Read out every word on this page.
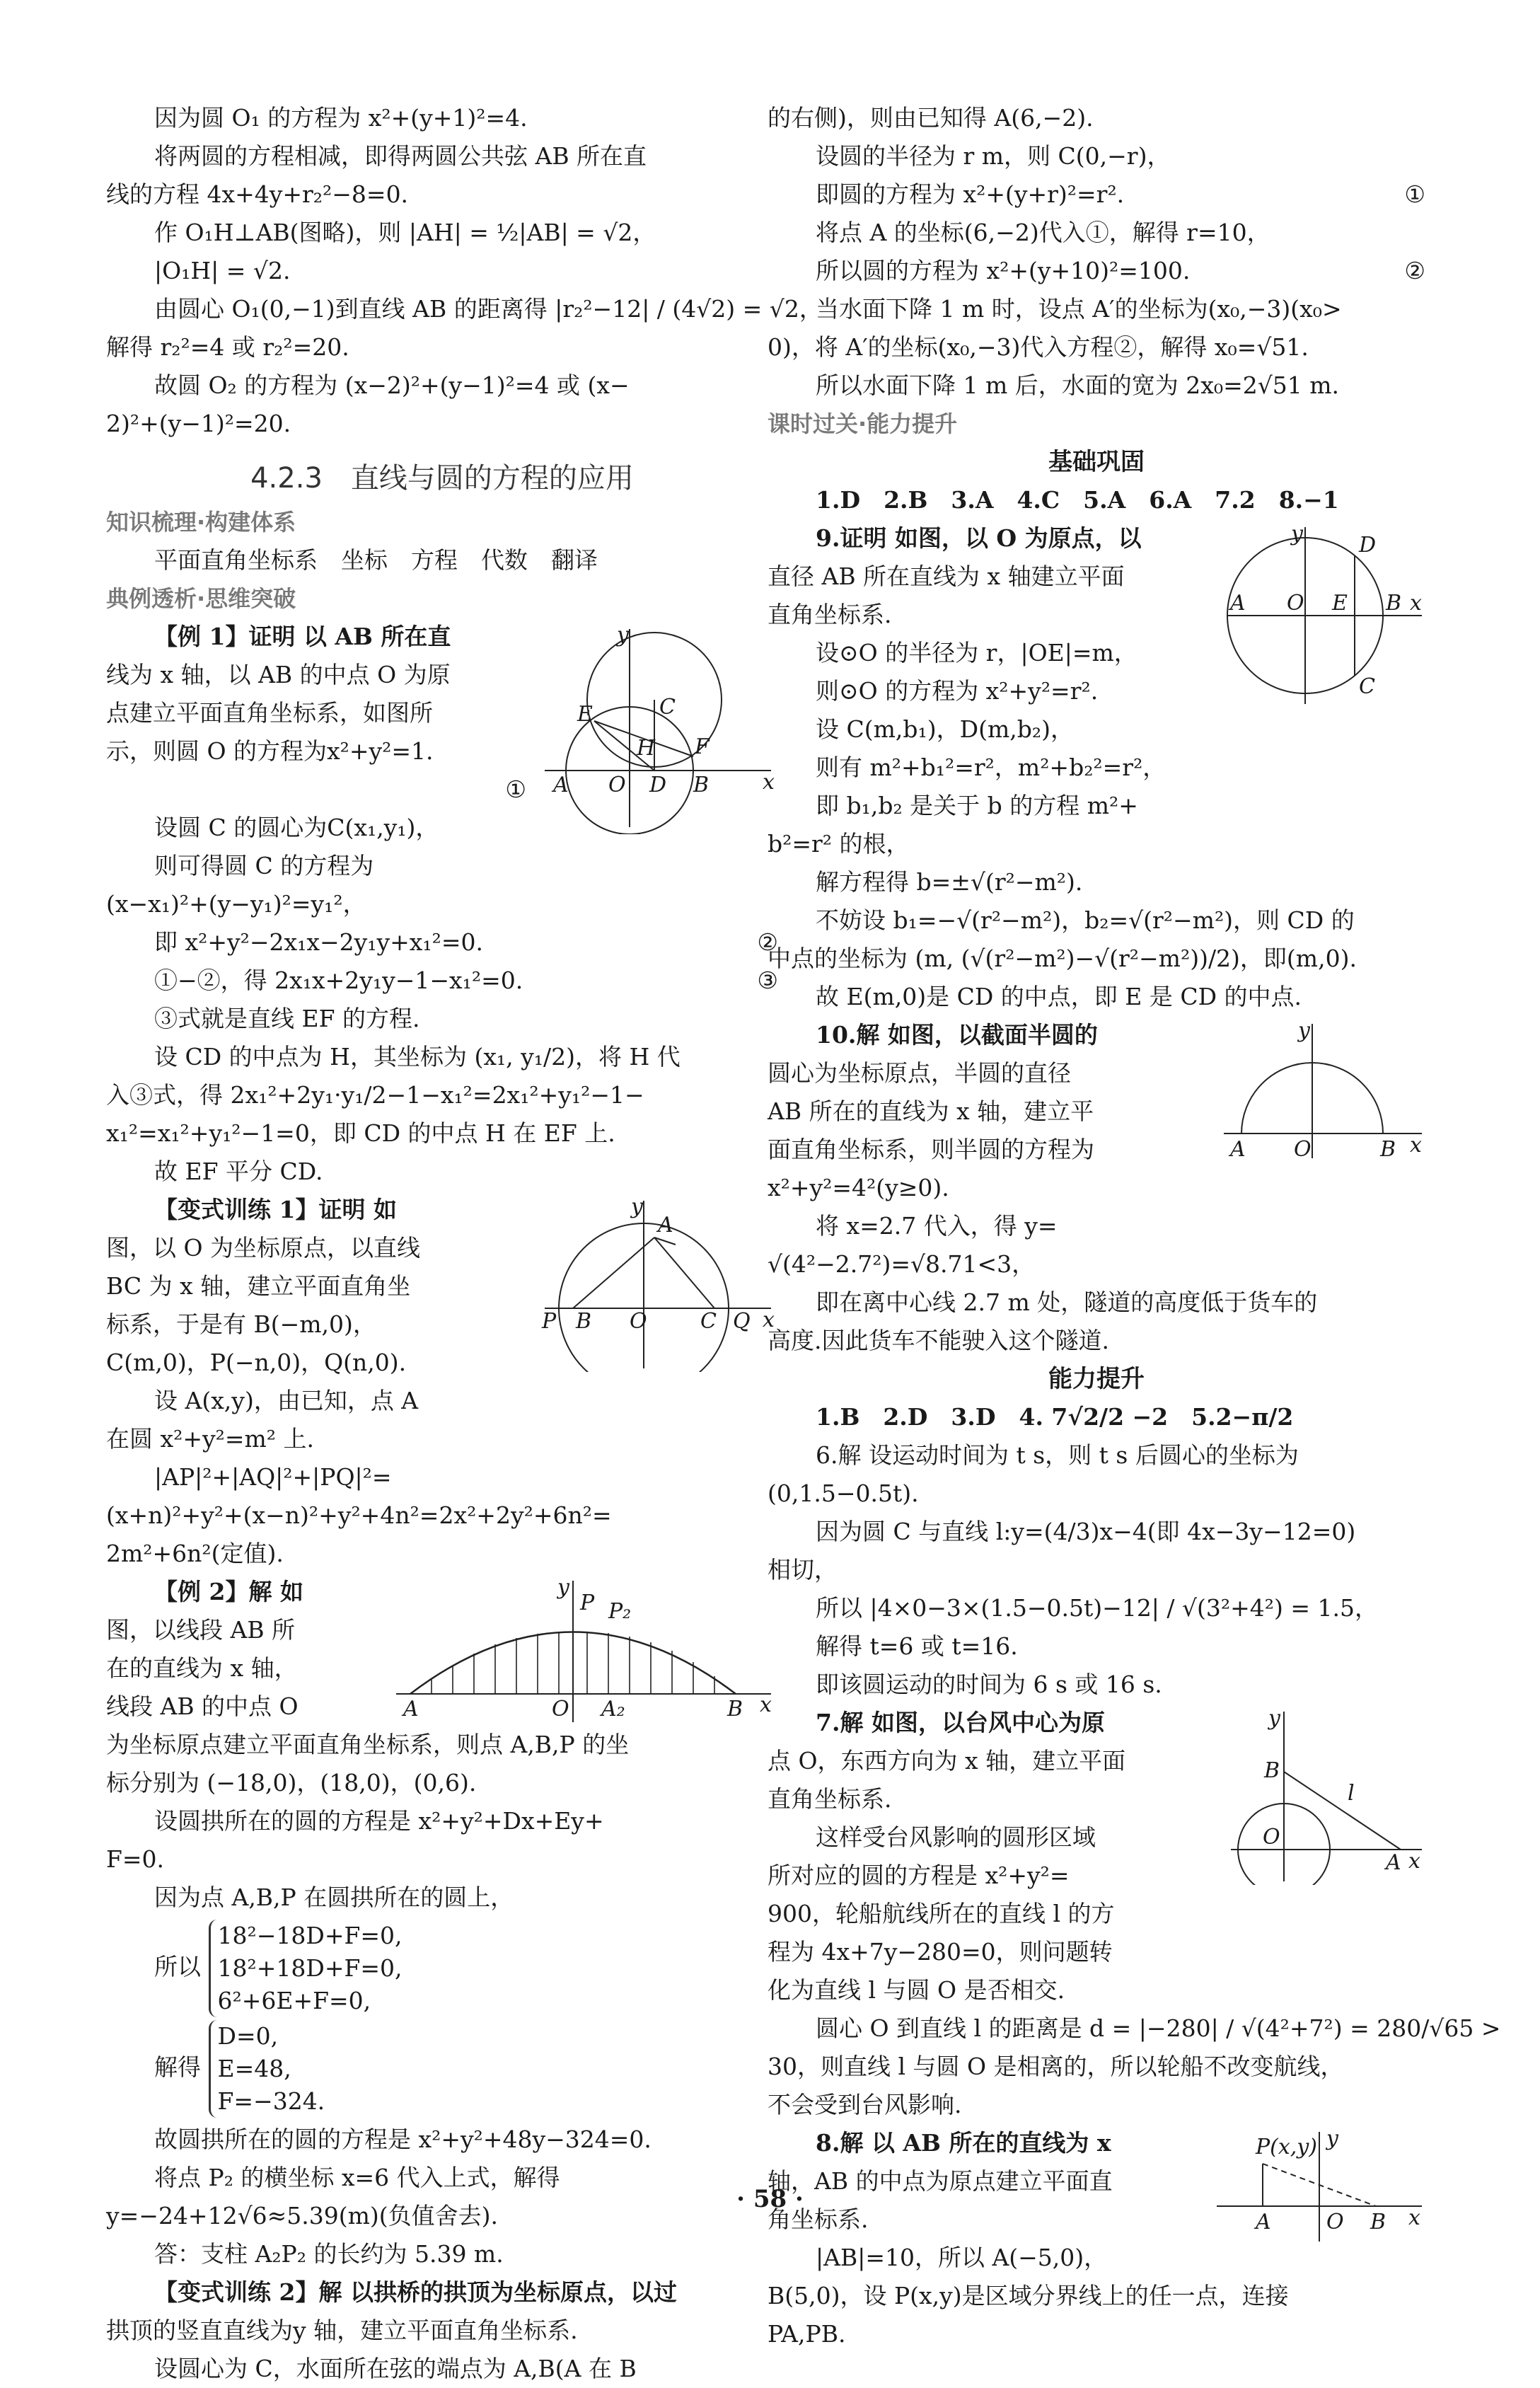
因为圆 O₁ 的方程为 x²+(y+1)²=4.
将两圆的方程相减，即得两圆公共弦 AB 所在直
线的方程 4x+4y+r₂²−8=0.
作 O₁H⊥AB(图略)，则 |AH| = ½|AB| = √2，
|O₁H| = √2.
由圆心 O₁(0,−1)到直线 AB 的距离得 |r₂²−12| / (4√2) = √2，
解得 r₂²=4 或 r₂²=20.
故圆 O₂ 的方程为 (x−2)²+(y−1)²=4 或 (x−
2)²+(y−1)²=20.
4.2.3　直线与圆的方程的应用
知识梳理·构建体系
平面直角坐标系　坐标　方程　代数　翻译
典例透析·思维突破
y
x
E	C
H F
A O D B
【例 1】证明 以 AB 所在直
线为 x 轴，以 AB 的中点 O 为原
点建立平面直角坐标系，如图所
示，则圆 O 的方程为x²+y²=1.
①

设圆 C 的圆心为C(x₁,y₁)，
则可得圆 C 的方程为
(x−x₁)²+(y−y₁)²=y₁²，
即 x²+y²−2x₁x−2y₁y+x₁²=0.	②
①−②，得 2x₁x+2y₁y−1−x₁²=0.	③
③式就是直线 EF 的方程.
设 CD 的中点为 H，其坐标为 (x₁, y₁/2)，将 H 代
入③式，得 2x₁²+2y₁·y₁/2−1−x₁²=2x₁²+y₁²−1−
x₁²=x₁²+y₁²−1=0，即 CD 的中点 H 在 EF 上.
故 EF 平分 CD.
y
x
A
P B O	C Q
【变式训练 1】证明 如
图，以 O 为坐标原点，以直线
BC 为 x 轴，建立平面直角坐
标系，于是有 B(−m,0)，
C(m,0)，P(−n,0)，Q(n,0).
设 A(x,y)，由已知，点 A
在圆 x²+y²=m² 上.
|AP|²+|AQ|²+|PQ|²=
(x+n)²+y²+(x−n)²+y²+4n²=2x²+2y²+6n²=
2m²+6n²(定值).
y
P P₂
A	O A₂	B x
【例 2】解 如
图，以线段 AB 所
在的直线为 x 轴，
线段 AB 的中点 O
为坐标原点建立平面直角坐标系，则点 A,B,P 的坐
标分别为 (−18,0)，(18,0)，(0,6).
设圆拱所在的圆的方程是 x²+y²+Dx+Ey+
F=0.
因为点 A,B,P 在圆拱所在的圆上，
所以
18²−18D+F=0,
18²+18D+F=0,
6²+6E+F=0,
解得
D=0,
E=48,
F=−324.
故圆拱所在的圆的方程是 x²+y²+48y−324=0.
将点 P₂ 的横坐标 x=6 代入上式，解得
y=−24+12√6≈5.39(m)(负值舍去).
答：支柱 A₂P₂ 的长约为 5.39 m.
【变式训练 2】解 以拱桥的拱顶为坐标原点，以过
拱顶的竖直直线为y 轴，建立平面直角坐标系.
设圆心为 C，水面所在弦的端点为 A,B(A 在 B
的右侧)，则由已知得 A(6,−2).
设圆的半径为 r m，则 C(0,−r)，
即圆的方程为 x²+(y+r)²=r².	①
将点 A 的坐标(6,−2)代入①，解得 r=10，
所以圆的方程为 x²+(y+10)²=100.	②
当水面下降 1 m 时，设点 A′的坐标为(x₀,−3)(x₀>
0)，将 A′的坐标(x₀,−3)代入方程②，解得 x₀=√51.
所以水面下降 1 m 后，水面的宽为 2x₀=2√51 m.
课时过关·能力提升
基础巩固
1.D　2.B　3.A　4.C　5.A　6.A　7.2　8.−1
y	D
A O E B x
C
9.证明 如图，以 O 为原点，以
直径 AB 所在直线为 x 轴建立平面
直角坐标系.
设⊙O 的半径为 r，|OE|=m，
则⊙O 的方程为 x²+y²=r².
设 C(m,b₁)，D(m,b₂)，
则有 m²+b₁²=r²，m²+b₂²=r²，
即 b₁,b₂ 是关于 b 的方程 m²+
b²=r² 的根，
解方程得 b=±√(r²−m²).
不妨设 b₁=−√(r²−m²)，b₂=√(r²−m²)，则 CD 的
中点的坐标为 (m, (√(r²−m²)−√(r²−m²))/2)，即(m,0).
故 E(m,0)是 CD 的中点，即 E 是 CD 的中点.
y
A O	B x
10.解 如图，以截面半圆的
圆心为坐标原点，半圆的直径
AB 所在的直线为 x 轴，建立平
面直角坐标系，则半圆的方程为
x²+y²=4²(y≥0).
将 x=2.7 代入，得 y=
√(4²−2.7²)=√8.71<3，
即在离中心线 2.7 m 处，隧道的高度低于货车的
高度.因此货车不能驶入这个隧道.
能力提升
1.B　2.D　3.D　4. 7√2/2 −2　5.2−π/2
6.解 设运动时间为 t s，则 t s 后圆心的坐标为
(0,1.5−0.5t).
因为圆 C 与直线 l:y=(4/3)x−4(即 4x−3y−12=0)
相切，
所以 |4×0−3×(1.5−0.5t)−12| / √(3²+4²) = 1.5，
解得 t=6 或 t=16.
即该圆运动的时间为 6 s 或 16 s.
y
B
l
O
A x
7.解 如图，以台风中心为原
点 O，东西方向为 x 轴，建立平面
直角坐标系.
这样受台风影响的圆形区域
所对应的圆的方程是 x²+y²=
900，轮船航线所在的直线 l 的方
程为 4x+7y−280=0，则问题转
化为直线 l 与圆 O 是否相交.
圆心 O 到直线 l 的距离是 d = |−280| / √(4²+7²) = 280/√65 >
30，则直线 l 与圆 O 是相离的，所以轮船不改变航线，
不会受到台风影响.
P(x,y) y
A	O B x
8.解 以 AB 所在的直线为 x
轴，AB 的中点为原点建立平面直
角坐标系.
|AB|=10，所以 A(−5,0)，
B(5,0)，设 P(x,y)是区域分界线上的任一点，连接
PA,PB.
· 58 ·
